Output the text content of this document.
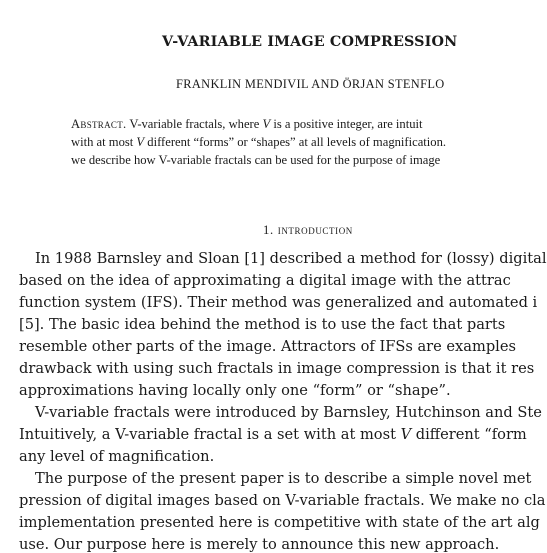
V-VARIABLE IMAGE COMPRESSION
FRANKLIN MENDIVIL AND ÖRJAN STENFLO
Abstract. V-variable fractals, where V is a positive integer, are intuit
with at most V different “forms” or “shapes” at all levels of magnification.
we describe how V-variable fractals can be used for the purpose of image
1. introduction
In 1988 Barnsley and Sloan [1] described a method for (lossy) digital
based on the idea of approximating a digital image with the attrac
function system (IFS). Their method was generalized and automated i
[5]. The basic idea behind the method is to use the fact that parts
resemble other parts of the image. Attractors of IFSs are examples
drawback with using such fractals in image compression is that it res
approximations having locally only one “form” or “shape”.
V-variable fractals were introduced by Barnsley, Hutchinson and Ste
Intuitively, a V-variable fractal is a set with at most V different “form
any level of magnification.
The purpose of the present paper is to describe a simple novel met
pression of digital images based on V-variable fractals. We make no cla
implementation presented here is competitive with state of the art alg
use. Our purpose here is merely to announce this new approach.
